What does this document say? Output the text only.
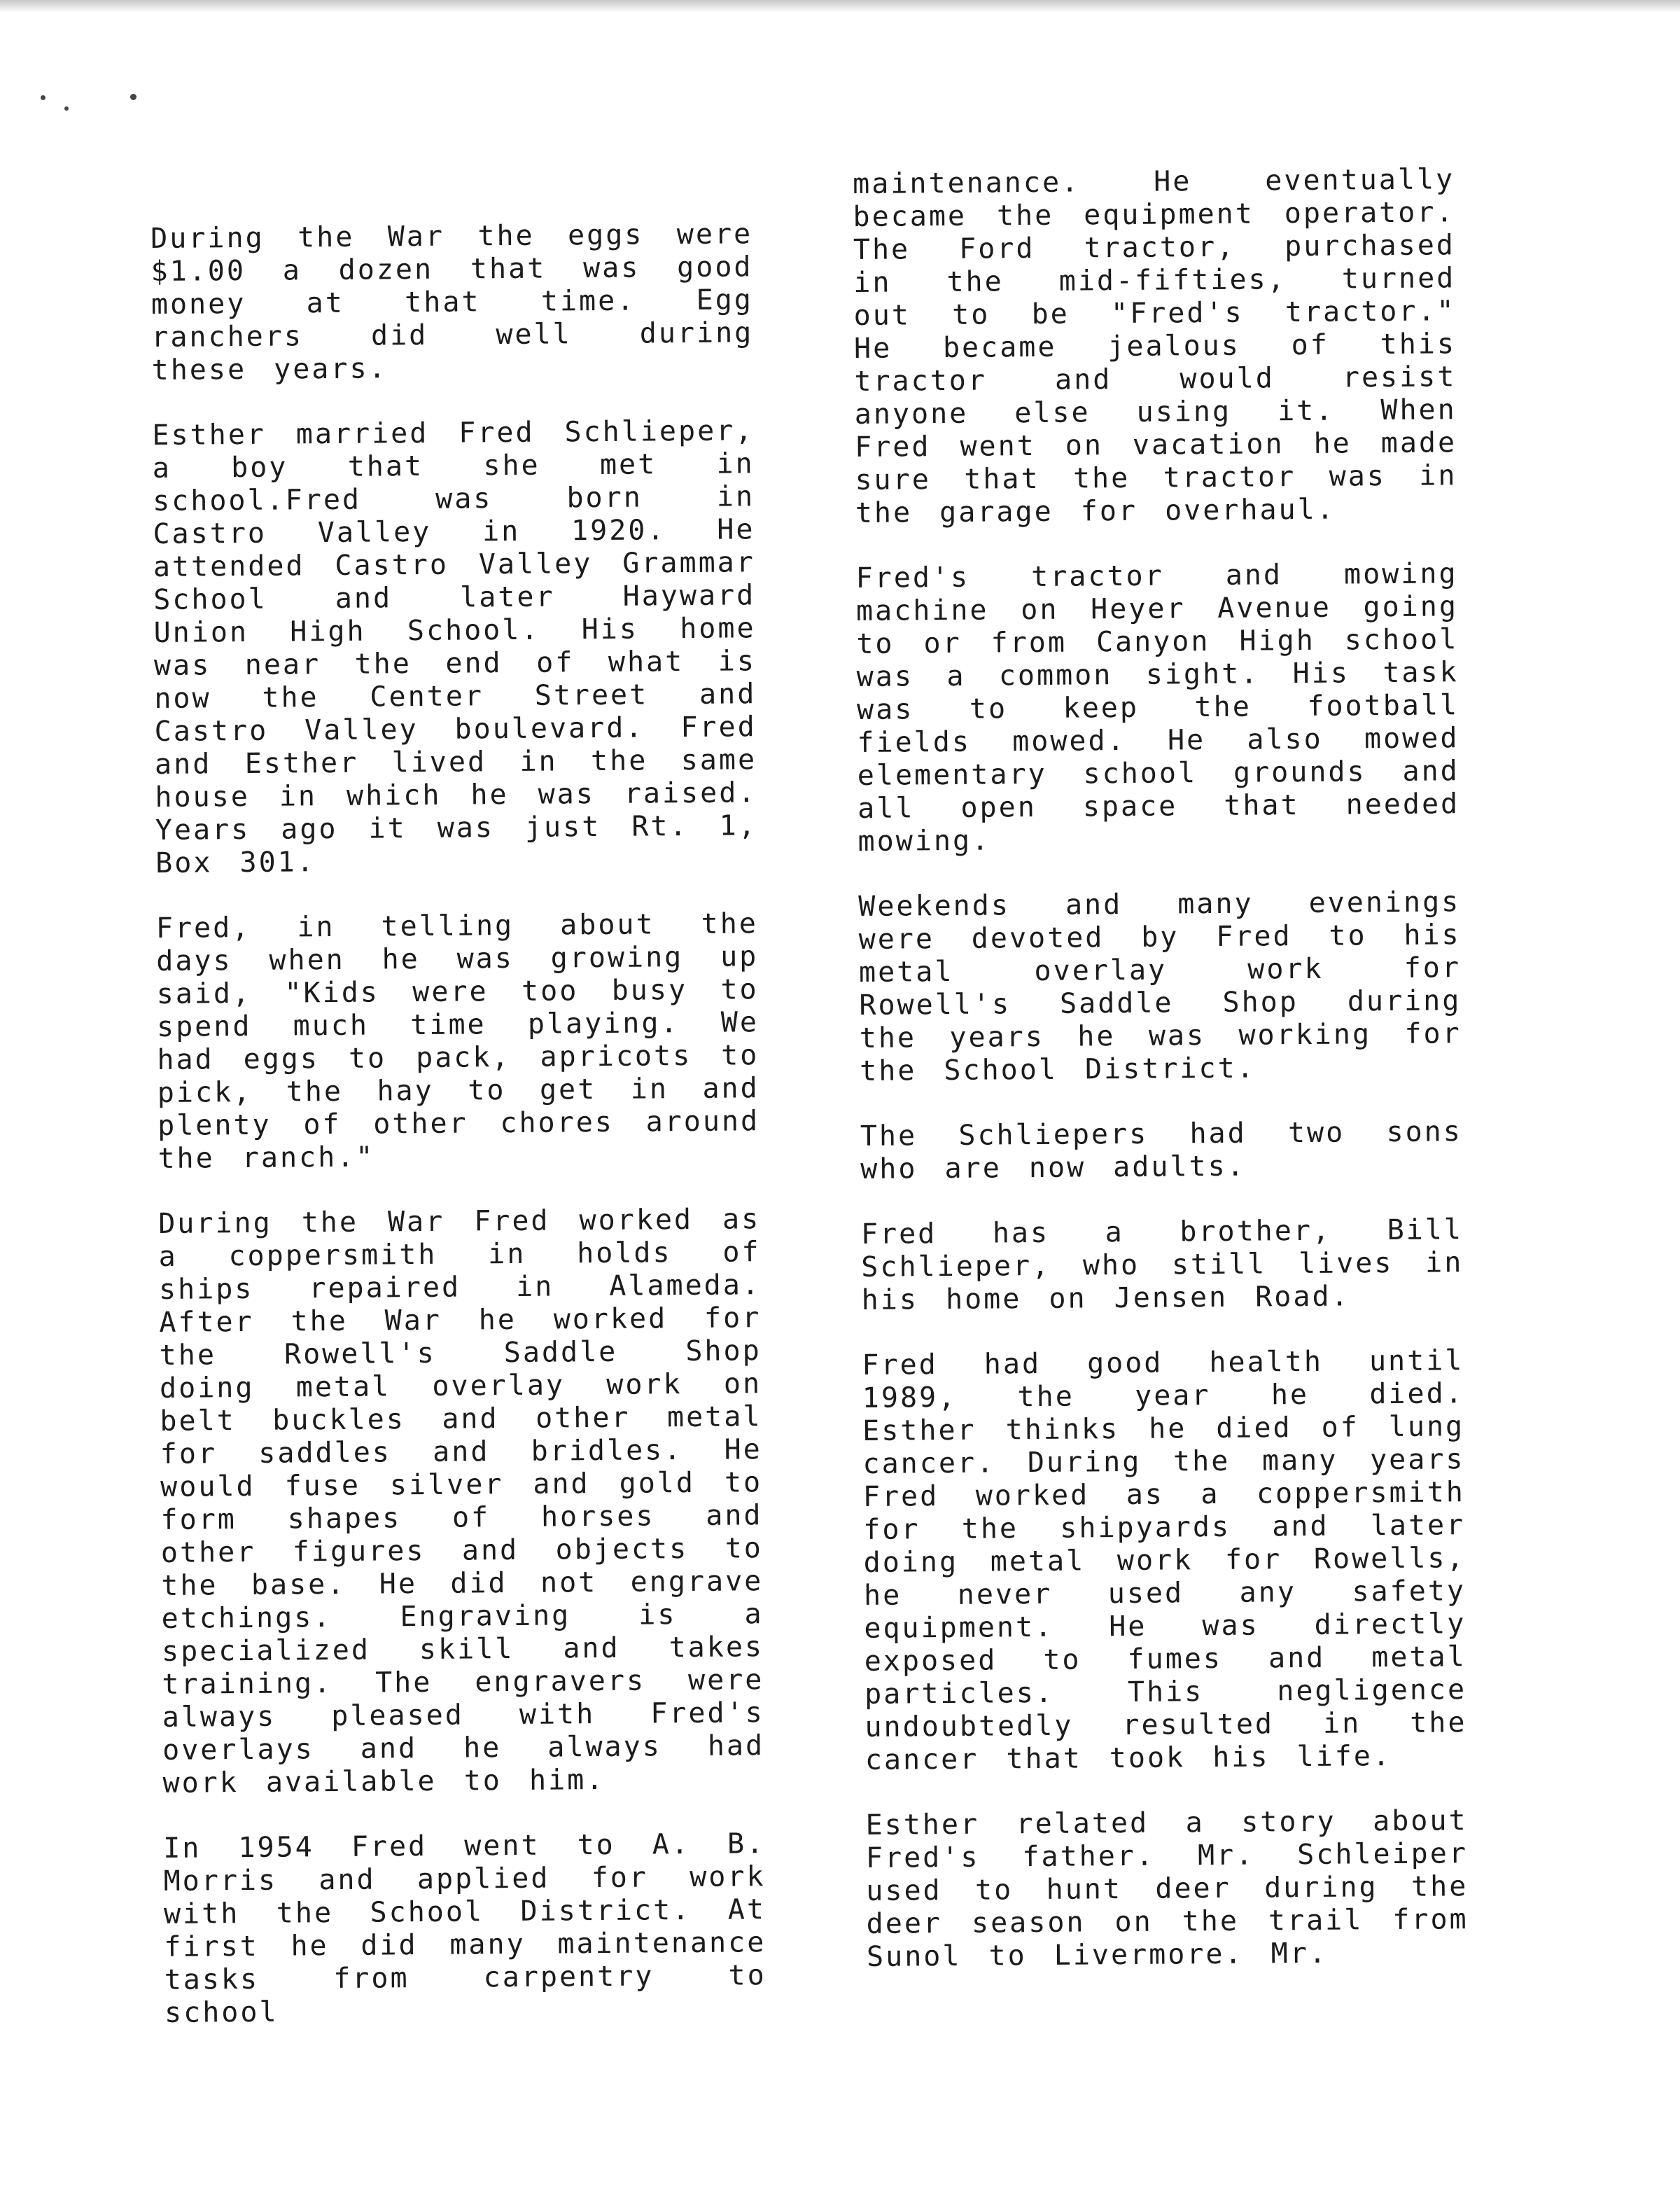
During the War the eggs were $1.00 a dozen that was good money at that time. Egg ranchers did well during these years.

Esther married Fred Schlieper, a boy that she met in school.Fred was born in Castro Valley in 1920. He attended Castro Valley Grammar School and later Hayward Union High School. His home was near the end of what is now the Center Street and Castro Valley boulevard. Fred and Esther lived in the same house in which he was raised. Years ago it was just Rt. 1, Box 301.

Fred, in telling about the days when he was growing up said, "Kids were too busy to spend much time playing. We had eggs to pack, apricots to pick, the hay to get in and plenty of other chores around the ranch."

During the War Fred worked as a coppersmith in holds of ships repaired in Alameda. After the War he worked for the Rowell's Saddle Shop doing metal overlay work on belt buckles and other metal for saddles and bridles. He would fuse silver and gold to form shapes of horses and other figures and objects to the base. He did not engrave etchings. Engraving is a specialized skill and takes training. The engravers were always pleased with Fred's overlays and he always had work available to him.

In 1954 Fred went to A. B. Morris and applied for work with the School District. At first he did many maintenance tasks from carpentry to school

maintenance. He eventually became the equipment operator. The Ford tractor, purchased in the mid-fifties, turned out to be "Fred's tractor." He became jealous of this tractor and would resist anyone else using it. When Fred went on vacation he made sure that the tractor was in the garage for overhaul.

Fred's tractor and mowing machine on Heyer Avenue going to or from Canyon High school was a common sight. His task was to keep the football fields mowed. He also mowed elementary school grounds and all open space that needed mowing.

Weekends and many evenings were devoted by Fred to his metal overlay work for Rowell's Saddle Shop during the years he was working for the School District.

The Schliepers had two sons who are now adults.

Fred has a brother, Bill Schlieper, who still lives in his home on Jensen Road.

Fred had good health until 1989, the year he died. Esther thinks he died of lung cancer. During the many years Fred worked as a coppersmith for the shipyards and later doing metal work for Rowells, he never used any safety equipment. He was directly exposed to fumes and metal particles. This negligence undoubtedly resulted in the cancer that took his life.

Esther related a story about Fred's father. Mr. Schleiper used to hunt deer during the deer season on the trail from Sunol to Livermore. Mr.
